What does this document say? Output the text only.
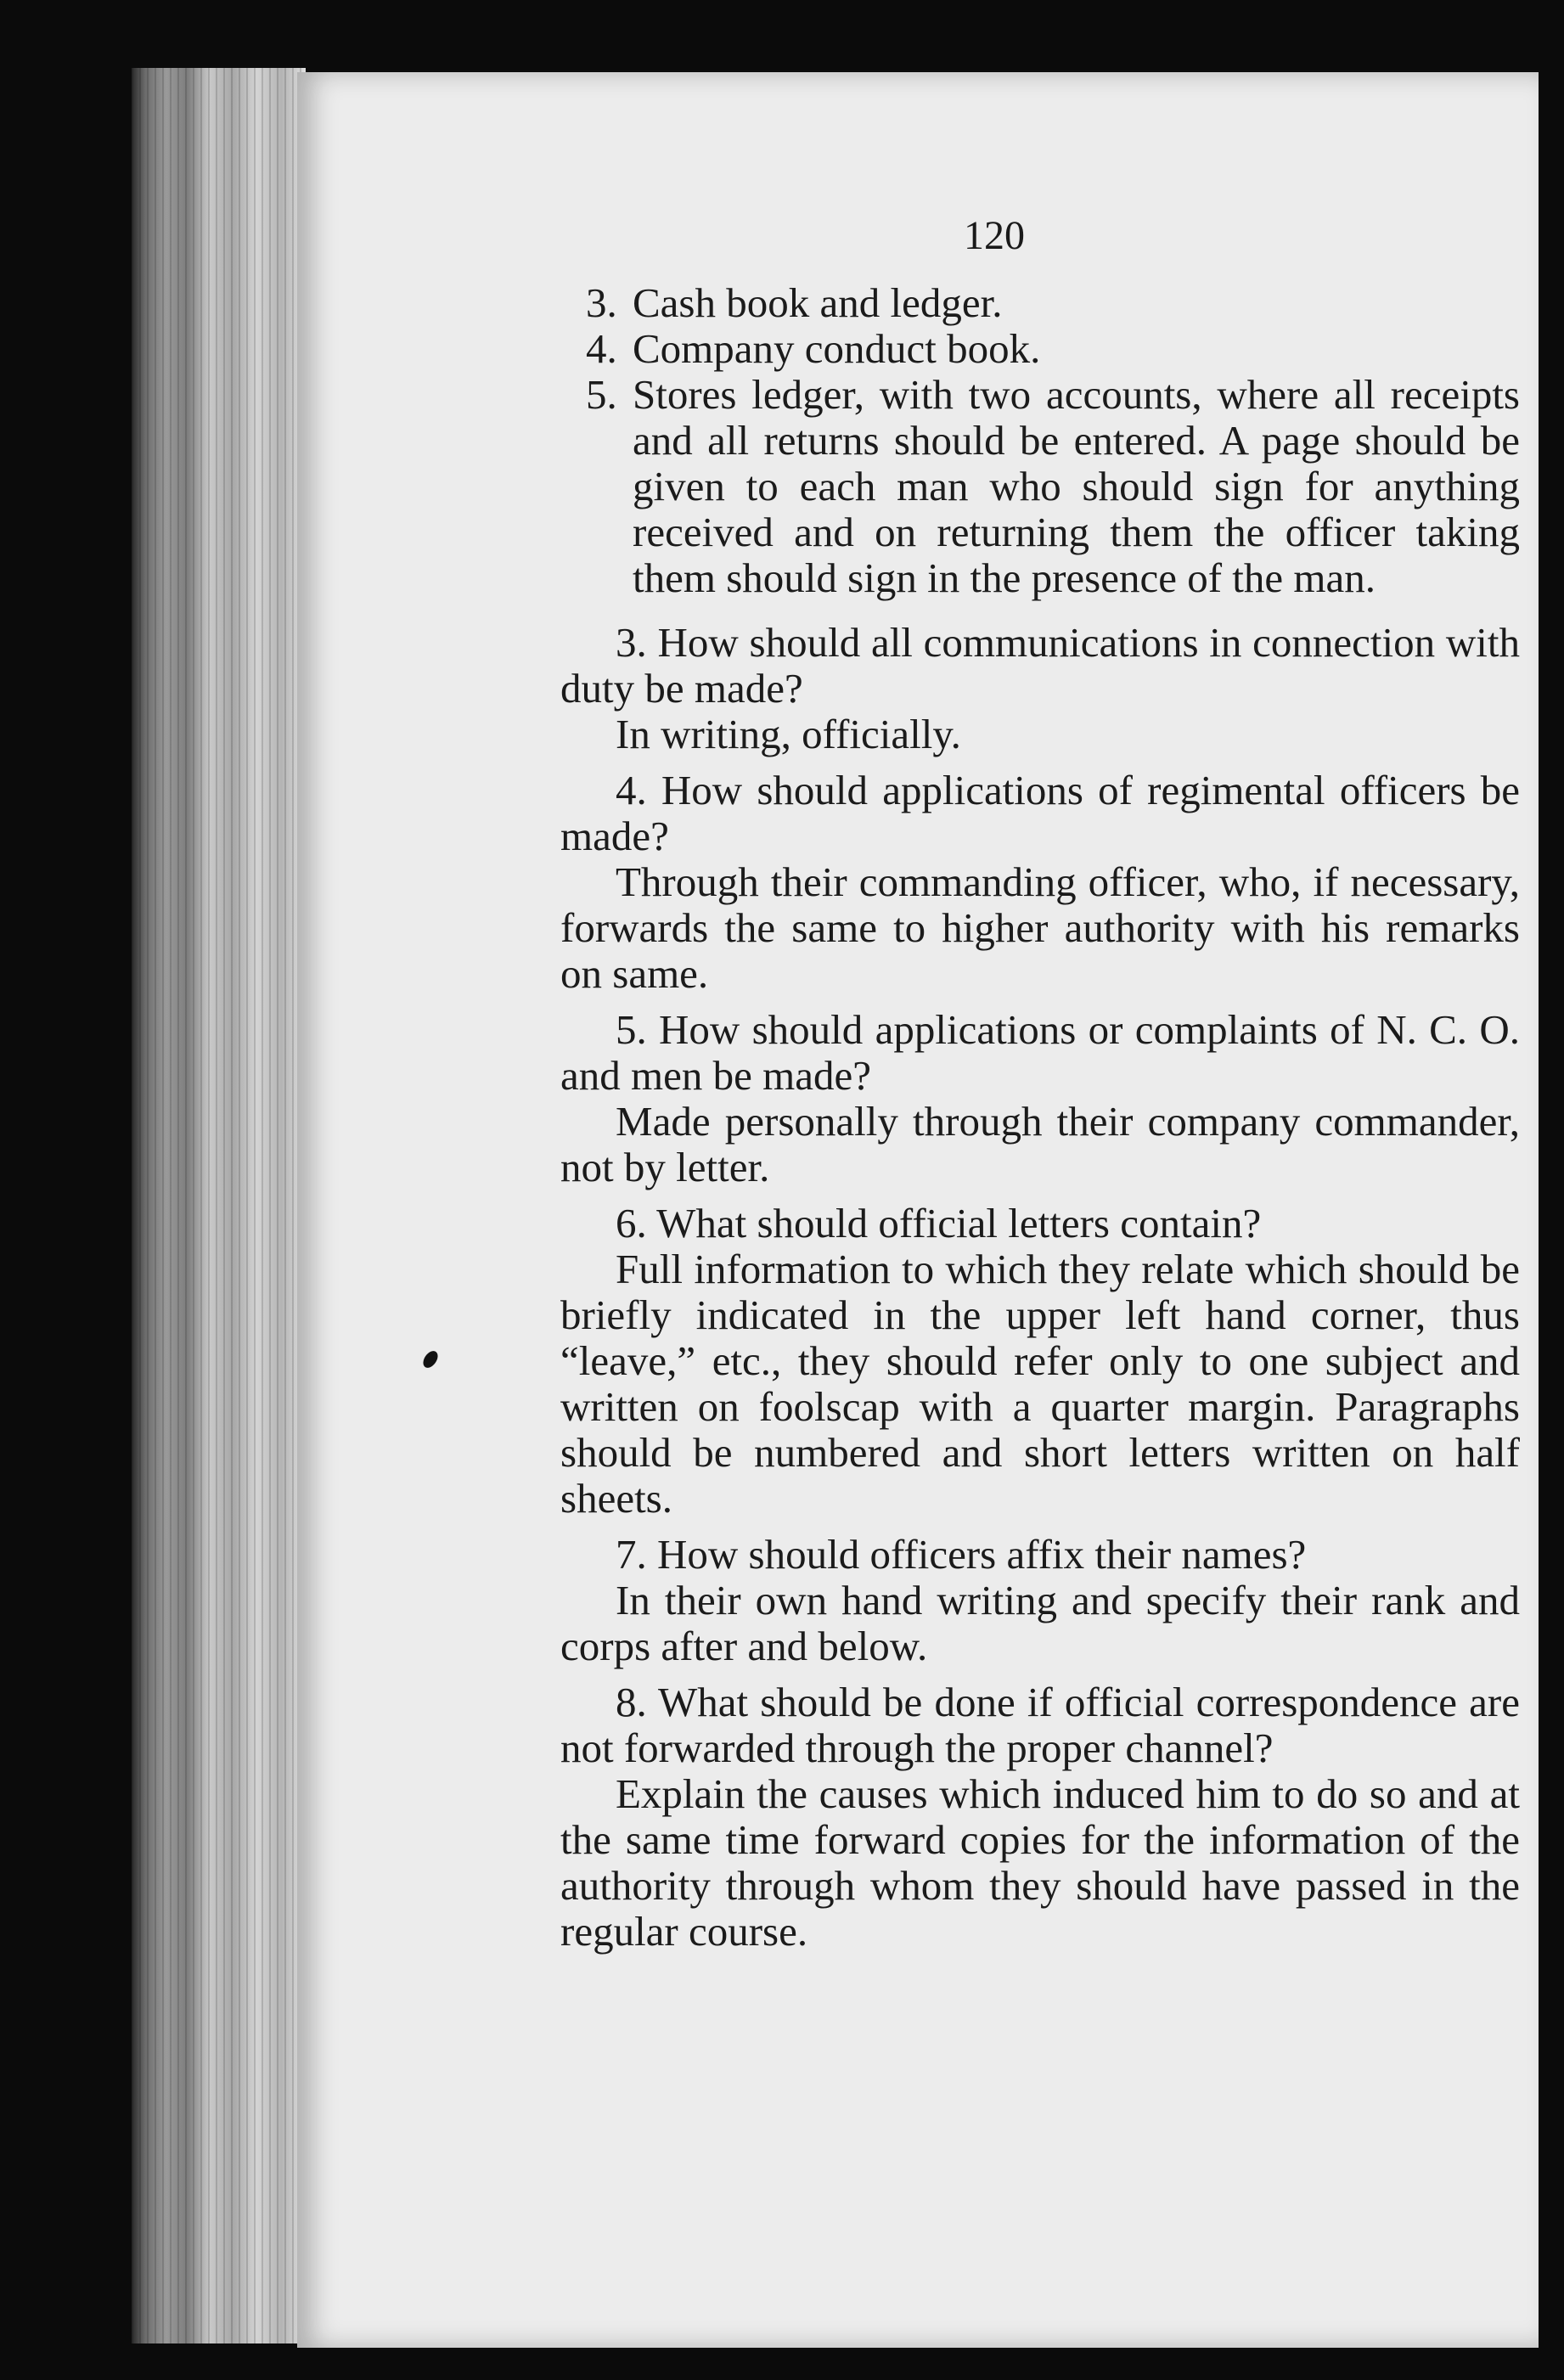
120

3. Cash book and ledger.
4. Company conduct book.
5. Stores ledger, with two accounts, where all receipts and all returns should be entered. A page should be given to each man who should sign for anything received and on returning them the officer taking them should sign in the presence of the man.

3. How should all communications in connection with duty be made?

In writing, officially.

4. How should applications of regimental officers be made?

Through their commanding officer, who, if necessary, forwards the same to higher authority with his remarks on same.

5. How should applications or complaints of N. C. O. and men be made?

Made personally through their company commander, not by letter.

6. What should official letters contain?

Full information to which they relate which should be briefly indicated in the upper left hand corner, thus “leave,” etc., they should refer only to one subject and written on foolscap with a quarter margin. Paragraphs should be numbered and short letters written on half sheets.

7. How should officers affix their names?

In their own hand writing and specify their rank and corps after and below.

8. What should be done if official correspondence are not forwarded through the proper channel?

Explain the causes which induced him to do so and at the same time forward copies for the information of the authority through whom they should have passed in the regular course.
